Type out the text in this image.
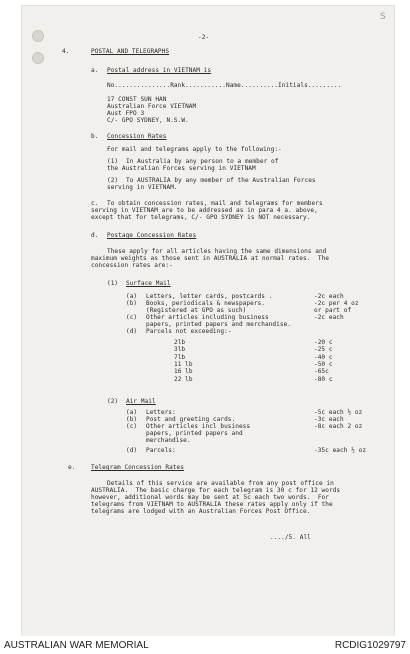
S
-2-
4.	POSTAL AND TELEGRAPHS
a. Postal address in VIETNAM is
No...............Rank...........Name..........Initials.........
17 CONST SUN HAN
Australian Force VIETNAM
Aust FPO 3
C/- GPO SYDNEY, N.S.W.
b. Concession Rates
For mail and telegrams apply to the following:-
(1) In Australia by any person to a member of
the Australian Forces serving in VIETNAM
(2) To AUSTRALIA by any member of the Australian Forces
serving in VIETNAM.
c. To obtain concession rates, mail and telegrams for members
serving in VIETNAM are to be addressed as in para 4 a. above,
except that for telegrams, C/- GPO SYDNEY is NOT necessary.
d. Postage Concession Rates
These apply for all articles having the same dimensions and
maximum weights as those sent in AUSTRALIA at normal rates.  The
concession rates are:-
(1) Surface Mail
(a) Letters, letter cards, postcards .	-2c each
(b) Books, periodicals & newspapers.	-2c per 4 oz
(Registered at GPO as such)	or part of
(c) Other articles including business	-2c each
papers, printed papers and merchandise.
(d) Parcels not exceeding:-
2lb	-20 c
3lb	-25 c
7lb	-40 c
11 lb	-50 c
16 lb	-65c
22 lb	-80 c
(2) Air Mail
(a) Letters:	-5c each ½ oz
(b) Post and greeting cards.	-3c each
(c) Other articles incl business	-8c each 2 oz
papers, printed papers and
merchandise.
(d) Parcels:	-35c each ½ oz
e.	Telegram Concession Rates
Details of this service are available from any post office in
AUSTRALIA.  The basic charge for each telegram is 30 c for 12 words
however, additional words may be sent at 5c each two words.  For
telegrams from VIETNAM to AUSTRALIA these rates apply only if the
telegrams are lodged with an Australian Forces Post Office.
..../5. All
AUSTRALIAN WAR MEMORIAL	RCDIG1029797
